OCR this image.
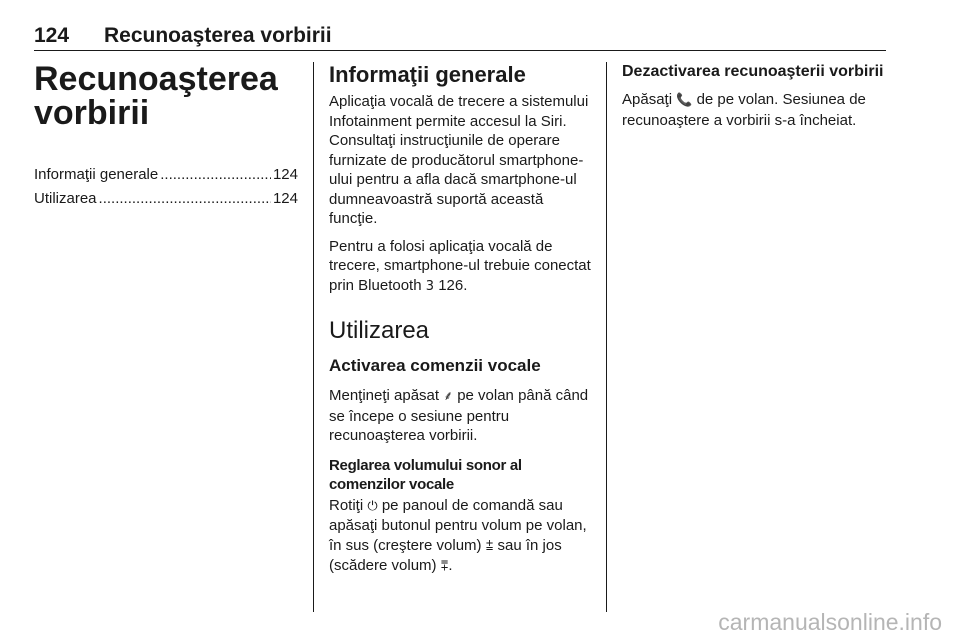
124 Recunoaşterea vorbirii
Recunoaşterea
vorbirii
Informaţii generale .....	124
Utilizarea .....	124
Informaţii generale

Aplicaţia vocală de trecere a sistemului Infotainment permite accesul la Siri. Consultaţi instrucţiunile de operare furnizate de producătorul smartphone-ului pentru a afla dacă smartphone-ul dumneavoastră suportă această funcţie.

Pentru a folosi aplicaţia vocală de trecere, smartphone-ul trebuie conectat prin Bluetooth 3 126.

Utilizarea
Activarea comenzii vocale

Menţineţi apăsat ⸙ pe volan până când se începe o sesiune pentru recunoaşterea vorbirii.

Reglarea volumului sonor al comenzilor vocale

Rotiţi ⏻ pe panoul de comandă sau apăsaţi butonul pentru volum pe volan, în sus (creştere volum) ⩲ sau în jos (scădere volum) ⩱.

Dezactivarea recunoaşterii vorbirii

Apăsaţi 📞 de pe volan. Sesiunea de recunoaştere a vorbirii s-a încheiat.

carmanualsonline.info
